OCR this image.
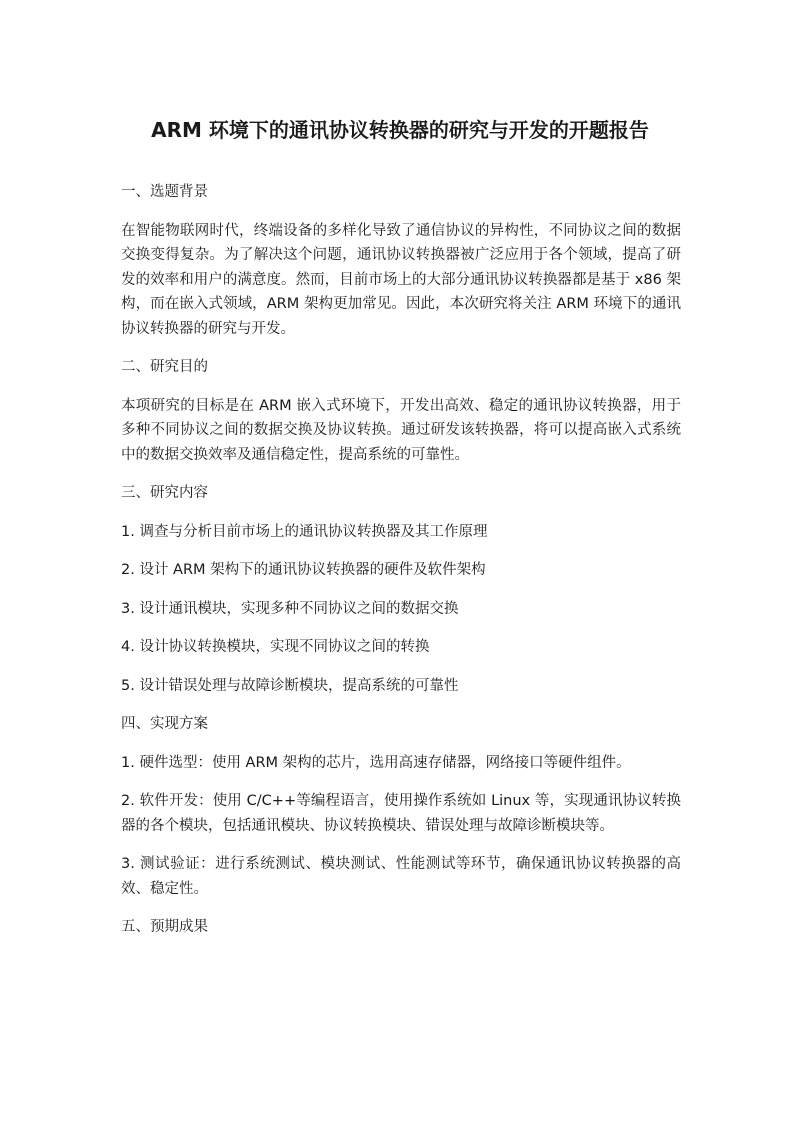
ARM 环境下的通讯协议转换器的研究与开发的开题报告
一、选题背景
在智能物联网时代，终端设备的多样化导致了通信协议的异构性，不同协议之间的数据交换变得复杂。为了解决这个问题，通讯协议转换器被广泛应用于各个领域，提高了研发的效率和用户的满意度。然而，目前市场上的大部分通讯协议转换器都是基于 x86 架构，而在嵌入式领域，ARM 架构更加常见。因此，本次研究将关注 ARM 环境下的通讯协议转换器的研究与开发。
二、研究目的
本项研究的目标是在 ARM 嵌入式环境下，开发出高效、稳定的通讯协议转换器，用于多种不同协议之间的数据交换及协议转换。通过研发该转换器，将可以提高嵌入式系统中的数据交换效率及通信稳定性，提高系统的可靠性。
三、研究内容
1. 调查与分析目前市场上的通讯协议转换器及其工作原理
2. 设计 ARM 架构下的通讯协议转换器的硬件及软件架构
3. 设计通讯模块，实现多种不同协议之间的数据交换
4. 设计协议转换模块，实现不同协议之间的转换
5. 设计错误处理与故障诊断模块，提高系统的可靠性
四、实现方案
1. 硬件选型：使用 ARM 架构的芯片，选用高速存储器，网络接口等硬件组件。
2. 软件开发：使用 C/C++等编程语言，使用操作系统如 Linux 等，实现通讯协议转换器的各个模块，包括通讯模块、协议转换模块、错误处理与故障诊断模块等。
3. 测试验证：进行系统测试、模块测试、性能测试等环节，确保通讯协议转换器的高效、稳定性。
五、预期成果
